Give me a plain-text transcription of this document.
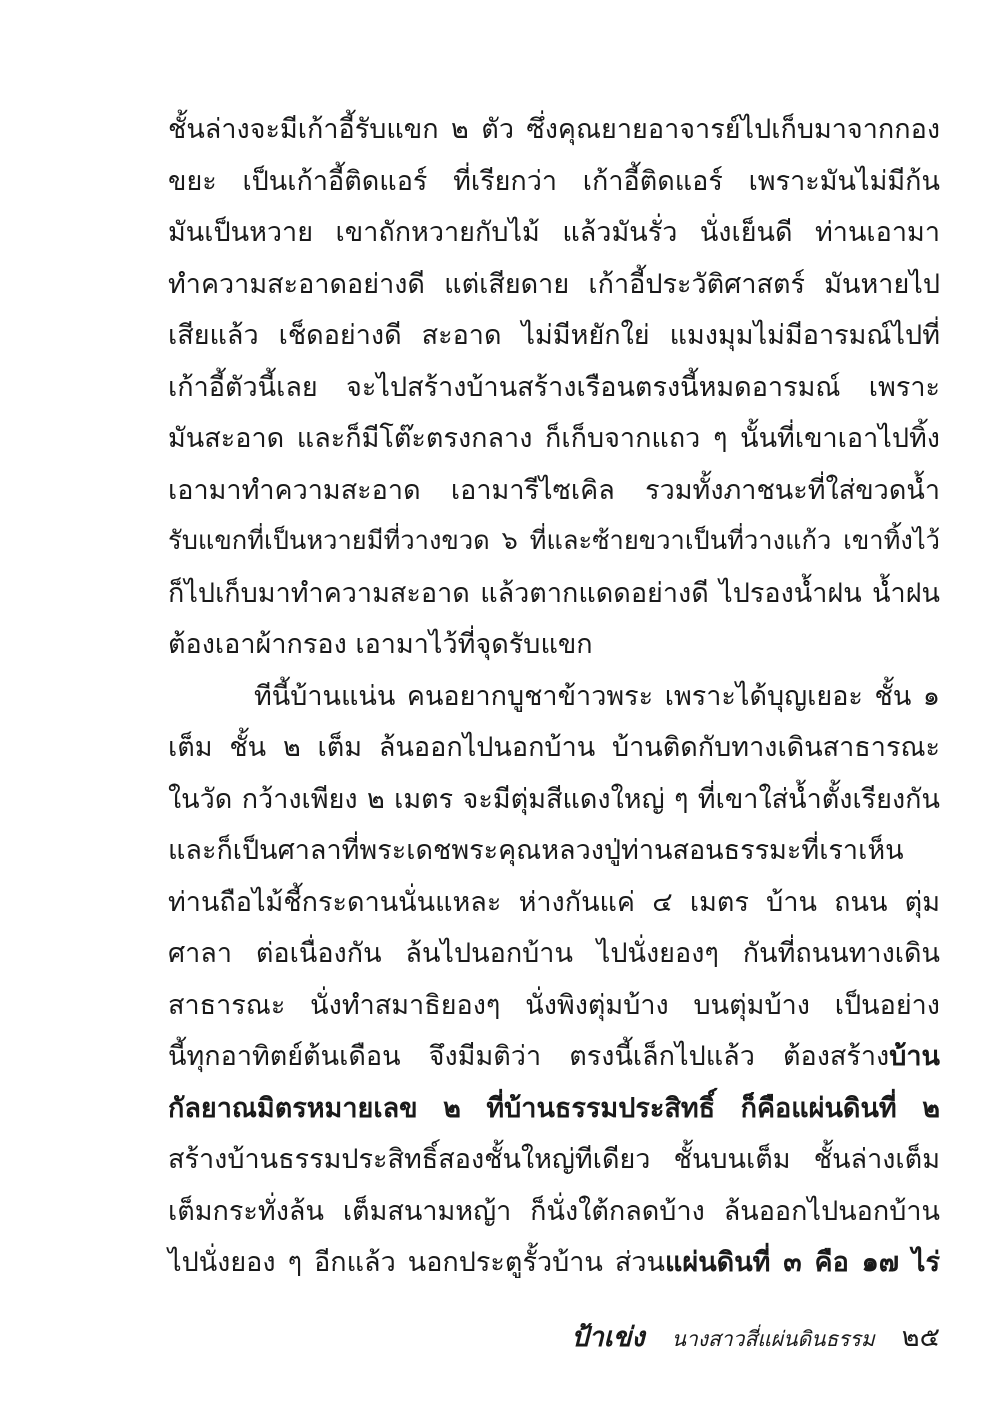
ชั้นล่างจะมีเก้าอี้รับแขก ๒ ตัว ซึ่งคุณยายอาจารย์ไปเก็บมาจากกอง
ขยะ เป็นเก้าอี้ติดแอร์ ที่เรียกว่า เก้าอี้ติดแอร์ เพราะมันไม่มีก้น
มันเป็นหวาย เขาถักหวายกับไม้ แล้วมันรั่ว นั่งเย็นดี ท่านเอามา
ทำความสะอาดอย่างดี แต่เสียดาย เก้าอี้ประวัติศาสตร์ มันหายไป
เสียแล้ว เช็ดอย่างดี สะอาด ไม่มีหยักใย่ แมงมุมไม่มีอารมณ์ไปที่
เก้าอี้ตัวนี้เลย จะไปสร้างบ้านสร้างเรือนตรงนี้หมดอารมณ์ เพราะ
มันสะอาด และก็มีโต๊ะตรงกลาง ก็เก็บจากแถว ๆ นั้นที่เขาเอาไปทิ้ง
เอามาทำความสะอาด เอามารีไซเคิล รวมทั้งภาชนะที่ใส่ขวดน้ำ
รับแขกที่เป็นหวายมีที่วางขวด ๖ ที่และซ้ายขวาเป็นที่วางแก้ว เขาทิ้งไว้
ก็ไปเก็บมาทำความสะอาด แล้วตากแดดอย่างดี ไปรองน้ำฝน น้ำฝน
ต้องเอาผ้ากรอง เอามาไว้ที่จุดรับแขก
ทีนี้บ้านแน่น คนอยากบูชาข้าวพระ เพราะได้บุญเยอะ ชั้น ๑
เต็ม ชั้น ๒ เต็ม ล้นออกไปนอกบ้าน บ้านติดกับทางเดินสาธารณะ
ในวัด กว้างเพียง ๒ เมตร จะมีตุ่มสีแดงใหญ่ ๆ ที่เขาใส่น้ำตั้งเรียงกัน
และก็เป็นศาลาที่พระเดชพระคุณหลวงปู่ท่านสอนธรรมะที่เราเห็น
ท่านถือไม้ชี้กระดานนั่นแหละ ห่างกันแค่ ๔ เมตร บ้าน ถนน ตุ่ม
ศาลา ต่อเนื่องกัน ล้นไปนอกบ้าน ไปนั่งยองๆ กันที่ถนนทางเดิน
สาธารณะ นั่งทำสมาธิยองๆ นั่งพิงตุ่มบ้าง บนตุ่มบ้าง เป็นอย่าง
นี้ทุกอาทิตย์ต้นเดือน จึงมีมติว่า ตรงนี้เล็กไปแล้ว ต้องสร้างบ้าน
กัลยาณมิตรหมายเลข ๒ ที่บ้านธรรมประสิทธิ์ ก็คือแผ่นดินที่ ๒
สร้างบ้านธรรมประสิทธิ์สองชั้นใหญ่ทีเดียว ชั้นบนเต็ม ชั้นล่างเต็ม
เต็มกระทั่งล้น เต็มสนามหญ้า ก็นั่งใต้กลดบ้าง ล้นออกไปนอกบ้าน
ไปนั่งยอง ๆ อีกแล้ว นอกประตูรั้วบ้าน ส่วนแผ่นดินที่ ๓ คือ ๑๗ ไร่
ป้าเข่ง นางสาวสี่แผ่นดินธรรม ๒๕
